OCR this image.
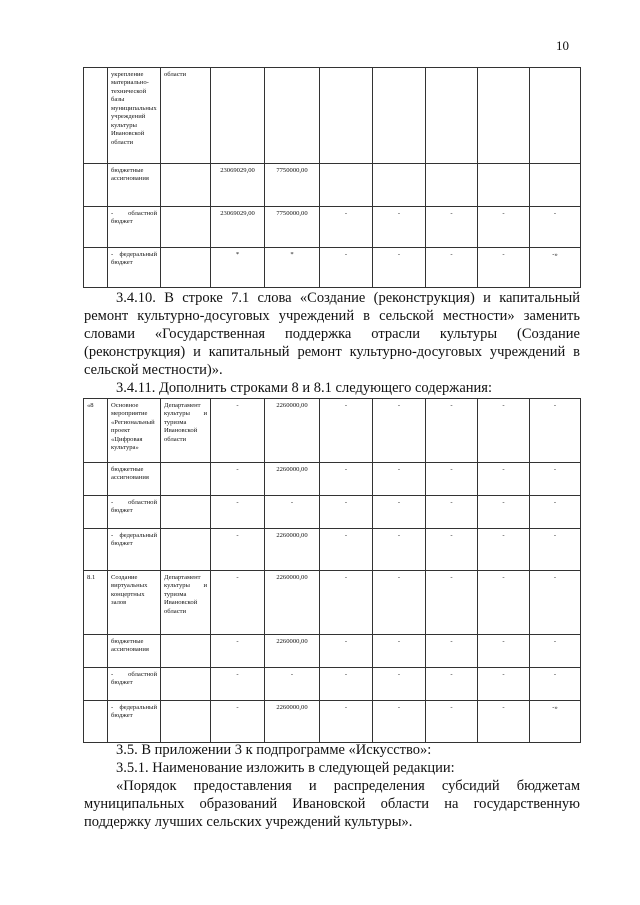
10
	укрепление материально-технической базы муниципальных учреждений культуры Ивановской области	области							
	бюджетные ассигнования		23069029,00	7750000,00					
	- областной бюджет		23069029,00	7750000,00	-	-	-	-	-
	- федеральный бюджет		*	*	-	-	-	-	-»

3.4.10. В строке 7.1 слова «Создание (реконструкция) и капитальный ремонт культурно-досуговых учреждений в сельской местности» заменить словами «Государственная поддержка отрасли культуры (Создание (реконструкция) и капитальный ремонт культурно-досуговых учреждений в сельской местности)».

3.4.11. Дополнить строками 8 и 8.1 следующего содержания:

«8	Основное мероприятие «Региональный проект «Цифровая культура»	Департамент культуры и туризма Ивановской области	-	2260000,00	-	-	-	-	-
	бюджетные ассигнования		-	2260000,00	-	-	-	-	-
	- областной бюджет		-	-	-	-	-	-	-
	- федеральный бюджет		-	2260000,00	-	-	-	-	-
8.1	Создание виртуальных концертных залов	Департамент культуры и туризма Ивановской области	-	2260000,00	-	-	-	-	-
	бюджетные ассигнования		-	2260000,00	-	-	-	-	-
	- областной бюджет		-	-	-	-	-	-	-
	- федеральный бюджет		-	2260000,00	-	-	-	-	-»

3.5. В приложении 3 к подпрограмме «Искусство»:

3.5.1. Наименование изложить в следующей редакции:

«Порядок предоставления и распределения субсидий бюджетам муниципальных образований Ивановской области на государственную поддержку лучших сельских учреждений культуры».
